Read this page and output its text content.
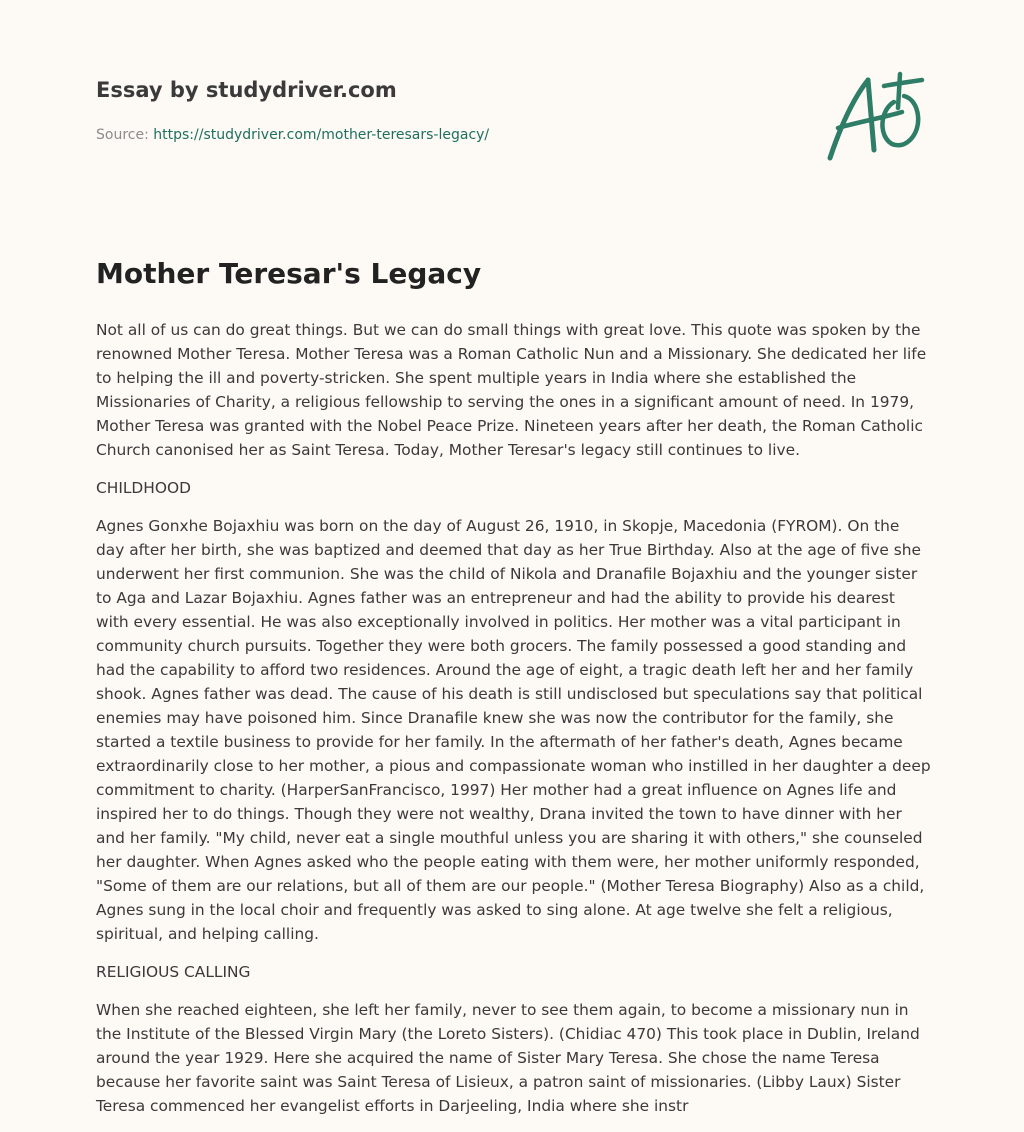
Essay by studydriver.com
Source: https://studydriver.com/mother-teresars-legacy/
Mother Teresar's Legacy

Not all of us can do great things. But we can do small things with great love. This quote was spoken by the renowned Mother Teresa. Mother Teresa was a Roman Catholic Nun and a Missionary. She dedicated her life to helping the ill and poverty-stricken. She spent multiple years in India where she established the Missionaries of Charity, a religious fellowship to serving the ones in a significant amount of need. In 1979, Mother Teresa was granted with the Nobel Peace Prize. Nineteen years after her death, the Roman Catholic Church canonised her as Saint Teresa. Today, Mother Teresar's legacy still continues to live.

CHILDHOOD

Agnes Gonxhe Bojaxhiu was born on the day of August 26, 1910, in Skopje, Macedonia (FYROM). On the day after her birth, she was baptized and deemed that day as her True Birthday. Also at the age of five she underwent her first communion. She was the child of Nikola and Dranafile Bojaxhiu and the younger sister to Aga and Lazar Bojaxhiu. Agnes father was an entrepreneur and had the ability to provide his dearest with every essential. He was also exceptionally involved in politics. Her mother was a vital participant in community church pursuits. Together they were both grocers. The family possessed a good standing and had the capability to afford two residences. Around the age of eight, a tragic death left her and her family shook. Agnes father was dead. The cause of his death is still undisclosed but speculations say that political enemies may have poisoned him. Since Dranafile knew she was now the contributor for the family, she started a textile business to provide for her family. In the aftermath of her father's death, Agnes became extraordinarily close to her mother, a pious and compassionate woman who instilled in her daughter a deep commitment to charity. (HarperSanFrancisco, 1997) Her mother had a great influence on Agnes life and inspired her to do things. Though they were not wealthy, Drana invited the town to have dinner with her and her family. "My child, never eat a single mouthful unless you are sharing it with others," she counseled her daughter. When Agnes asked who the people eating with them were, her mother uniformly responded, "Some of them are our relations, but all of them are our people." (Mother Teresa Biography) Also as a child, Agnes sung in the local choir and frequently was asked to sing alone. At age twelve she felt a religious, spiritual, and helping calling.

RELIGIOUS CALLING

When she reached eighteen, she left her family, never to see them again, to become a missionary nun in the Institute of the Blessed Virgin Mary (the Loreto Sisters). (Chidiac 470) This took place in Dublin, Ireland around the year 1929. Here she acquired the name of Sister Mary Teresa. She chose the name Teresa because her favorite saint was Saint Teresa of Lisieux, a patron saint of missionaries. (Libby Laux) Sister Teresa commenced her evangelist efforts in Darjeeling, India where she instr
